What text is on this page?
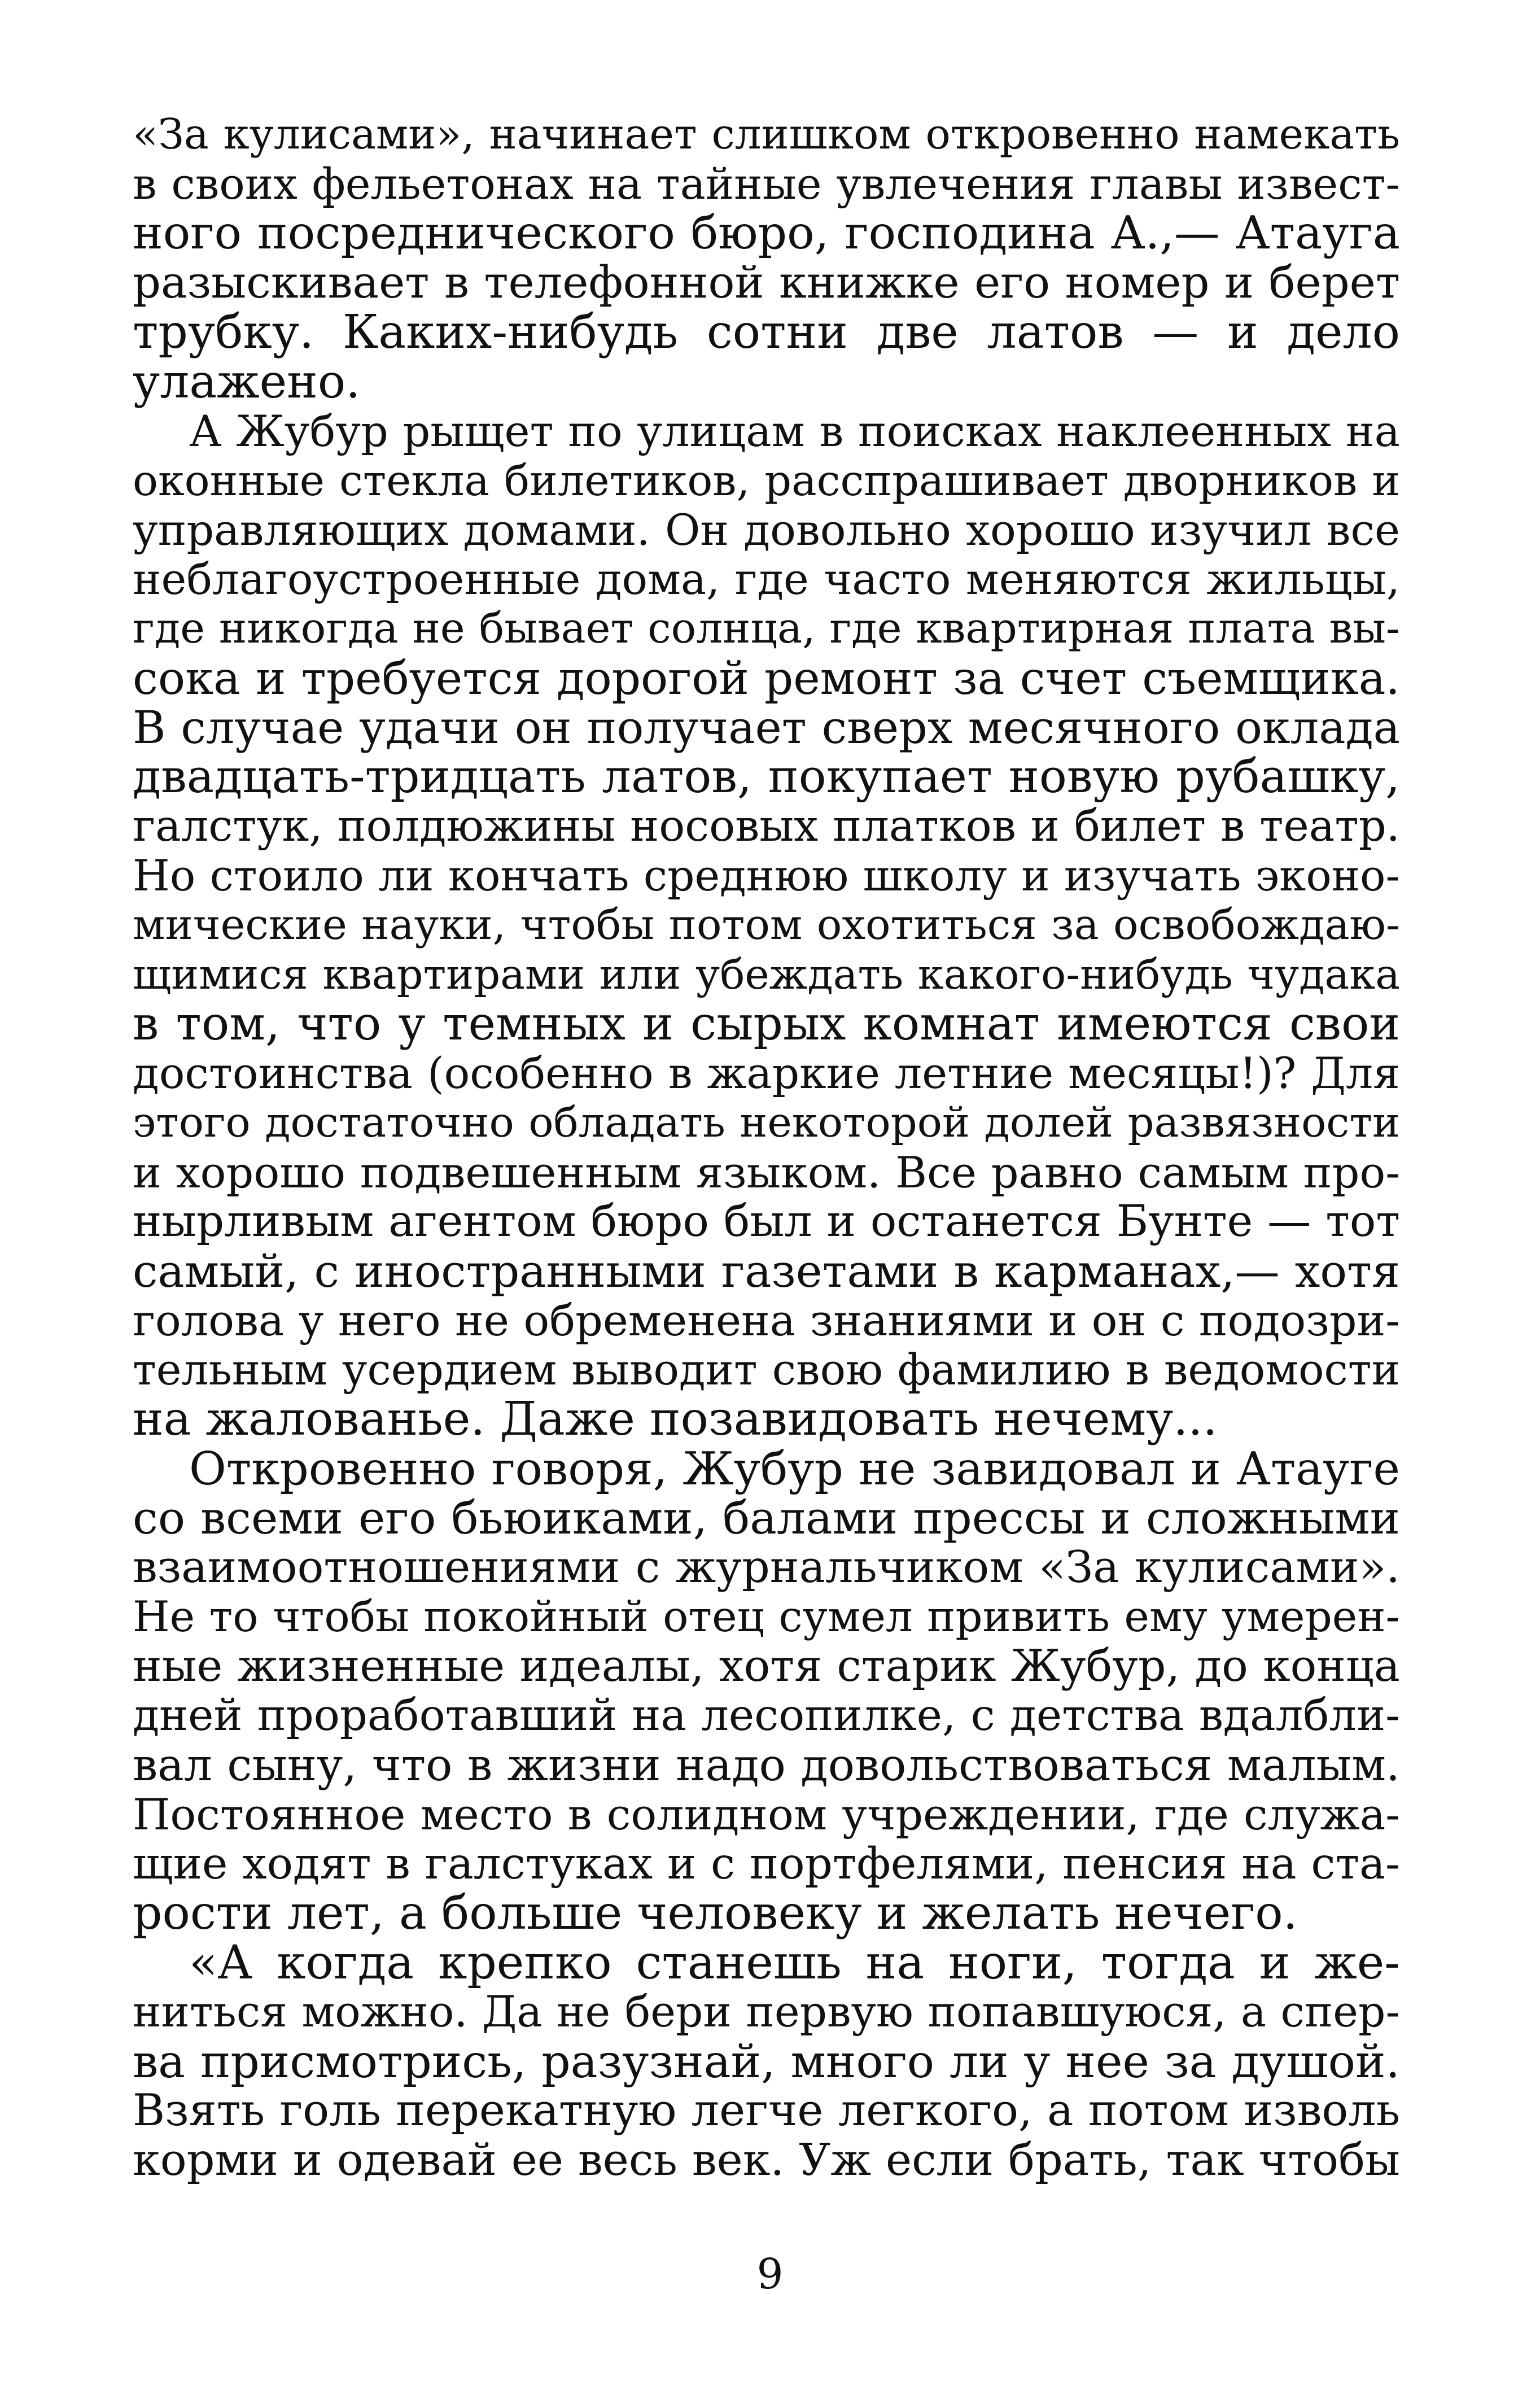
«За кулисами», начинает слишком откровенно намекать
в своих фельетонах на тайные увлечения главы извест-
ного посреднического бюро, господина А.,— Атауга
разыскивает в телефонной книжке его номер и берет
трубку. Каких-нибудь сотни две латов — и дело
улажено.
А Жубур рыщет по улицам в поисках наклеенных на
оконные стекла билетиков, расспрашивает дворников и
управляющих домами. Он довольно хорошо изучил все
неблагоустроенные дома, где часто меняются жильцы,
где никогда не бывает солнца, где квартирная плата вы-
сока и требуется дорогой ремонт за счет съемщика.
В случае удачи он получает сверх месячного оклада
двадцать-тридцать латов, покупает новую рубашку,
галстук, полдюжины носовых платков и билет в театр.
Но стоило ли кончать среднюю школу и изучать эконо-
мические науки, чтобы потом охотиться за освобождаю-
щимися квартирами или убеждать какого-нибудь чудака
в том, что у темных и сырых комнат имеются свои
достоинства (особенно в жаркие летние месяцы!)? Для
этого достаточно обладать некоторой долей развязности
и хорошо подвешенным языком. Все равно самым про-
нырливым агентом бюро был и останется Бунте — тот
самый, с иностранными газетами в карманах,— хотя
голова у него не обременена знаниями и он с подозри-
тельным усердием выводит свою фамилию в ведомости
на жалованье. Даже позавидовать нечему...
Откровенно говоря, Жубур не завидовал и Атауге
со всеми его бьюиками, балами прессы и сложными
взаимоотношениями с журнальчиком «За кулисами».
Не то чтобы покойный отец сумел привить ему умерен-
ные жизненные идеалы, хотя старик Жубур, до конца
дней проработавший на лесопилке, с детства вдалбли-
вал сыну, что в жизни надо довольствоваться малым.
Постоянное место в солидном учреждении, где служа-
щие ходят в галстуках и с портфелями, пенсия на ста-
рости лет, а больше человеку и желать нечего.
«А когда крепко станешь на ноги, тогда и же-
ниться можно. Да не бери первую попавшуюся, а спер-
ва присмотрись, разузнай, много ли у нее за душой.
Взять голь перекатную легче легкого, а потом изволь
корми и одевай ее весь век. Уж если брать, так чтобы
9
